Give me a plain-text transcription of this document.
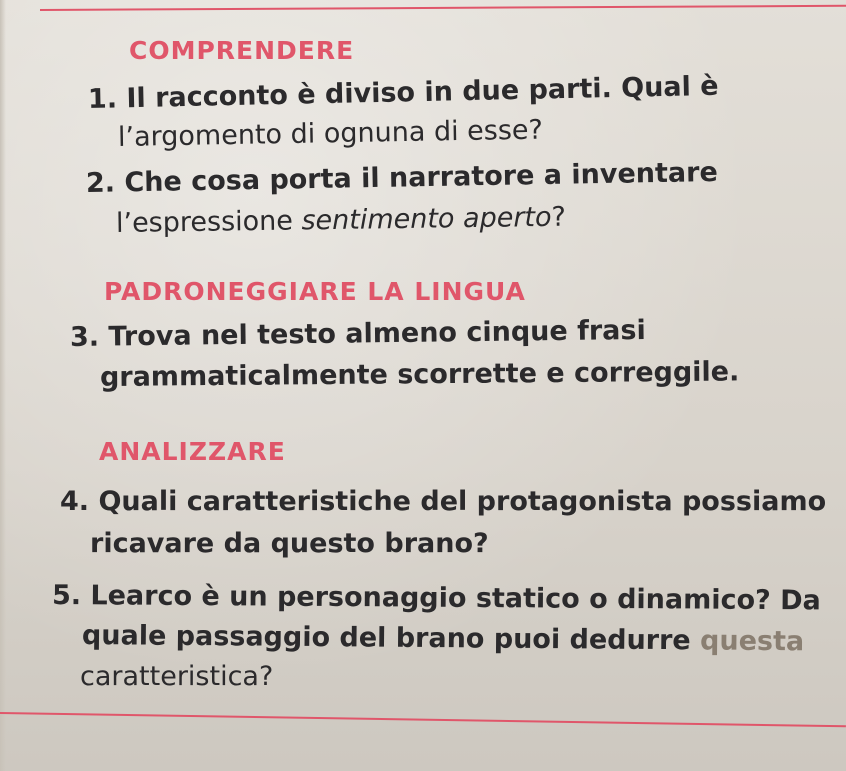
COMPRENDERE
1. Il racconto è diviso in due parti. Qual è
l’argomento di ognuna di esse?
2. Che cosa porta il narratore a inventare
l’espressione sentimento aperto?
PADRONEGGIARE LA LINGUA
3. Trova nel testo almeno cinque frasi
grammaticalmente scorrette e correggile.
ANALIZZARE
4. Quali caratteristiche del protagonista possiamo
ricavare da questo brano?
5. Learco è un personaggio statico o dinamico? Da
quale passaggio del brano puoi dedurre questa
caratteristica?
